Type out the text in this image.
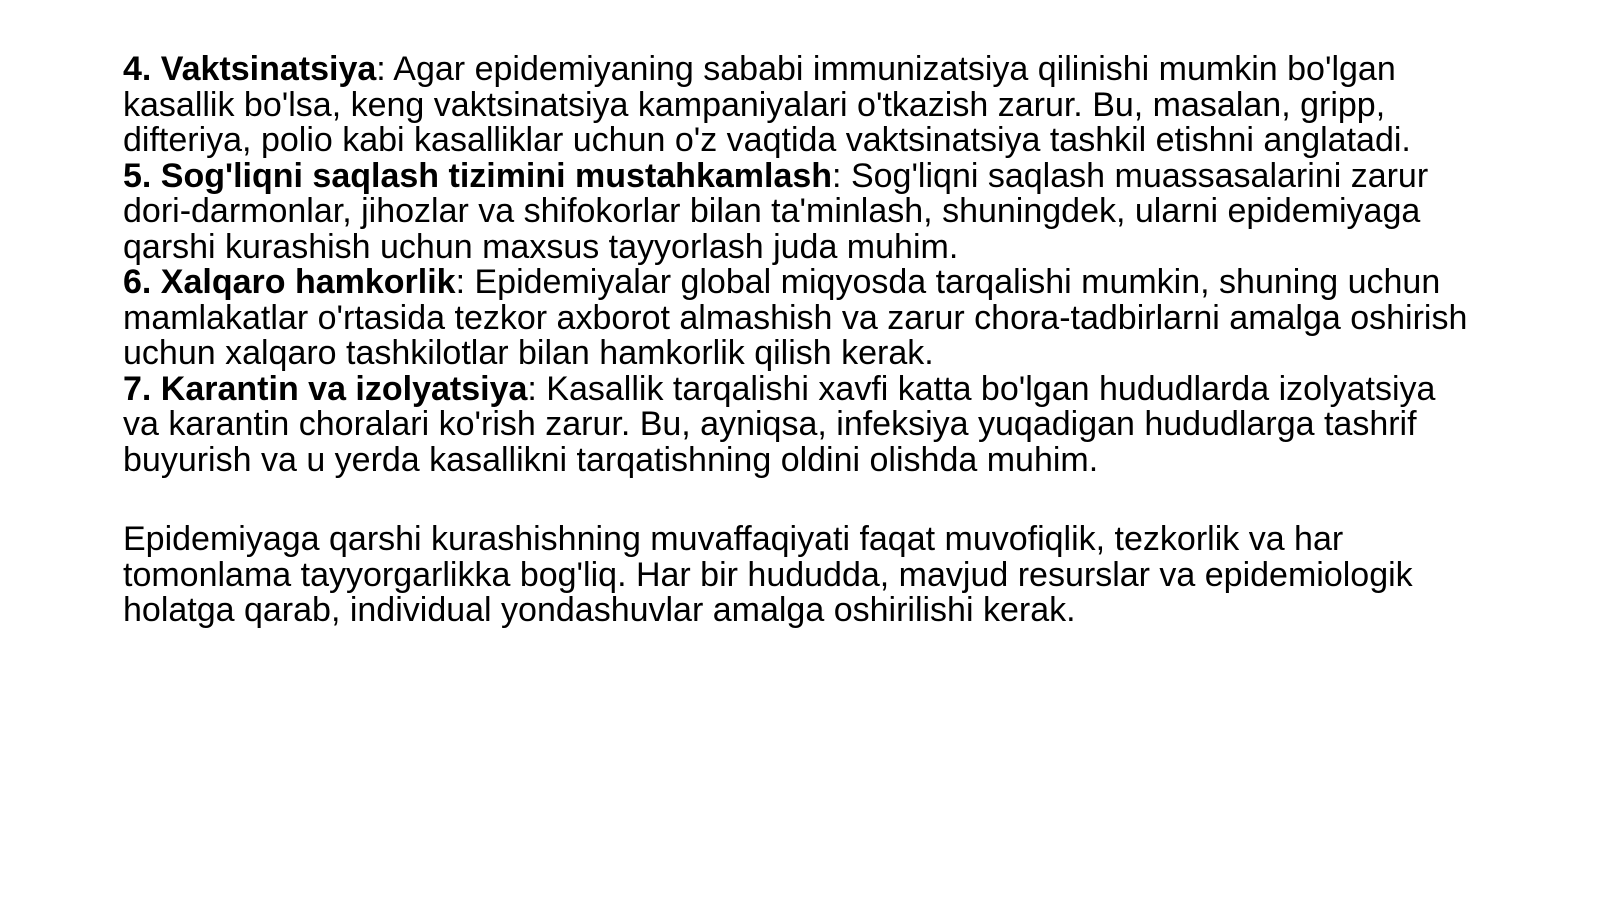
4. Vaktsinatsiya: Agar epidemiyaning sababi immunizatsiya qilinishi mumkin bo'lgan kasallik bo'lsa, keng vaktsinatsiya kampaniyalari o'tkazish zarur. Bu, masalan, gripp, difteriya, polio kabi kasalliklar uchun o'z vaqtida vaktsinatsiya tashkil etishni anglatadi.
5. Sog'liqni saqlash tizimini mustahkamlash: Sog'liqni saqlash muassasalarini zarur dori-darmonlar, jihozlar va shifokorlar bilan ta'minlash, shuningdek, ularni epidemiyaga qarshi kurashish uchun maxsus tayyorlash juda muhim.
6. Xalqaro hamkorlik: Epidemiyalar global miqyosda tarqalishi mumkin, shuning uchun mamlakatlar o'rtasida tezkor axborot almashish va zarur chora-tadbirlarni amalga oshirish uchun xalqaro tashkilotlar bilan hamkorlik qilish kerak.
7. Karantin va izolyatsiya: Kasallik tarqalishi xavfi katta bo'lgan hududlarda izolyatsiya va karantin choralari ko'rish zarur. Bu, ayniqsa, infeksiya yuqadigan hududlarga tashrif buyurish va u yerda kasallikni tarqatishning oldini olishda muhim.

Epidemiyaga qarshi kurashishning muvaffaqiyati faqat muvofiqlik, tezkorlik va har tomonlama tayyorgarlikka bog'liq. Har bir hududda, mavjud resurslar va epidemiologik holatga qarab, individual yondashuvlar amalga oshirilishi kerak.
